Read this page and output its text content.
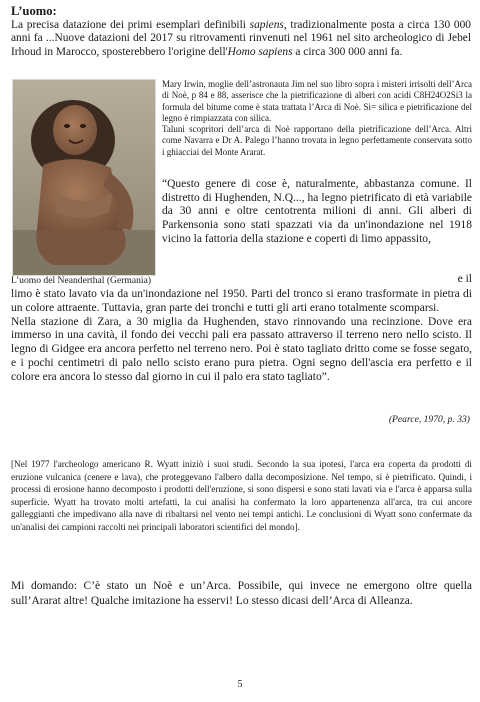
L’uomo:
La precisa datazione dei primi esemplari definibili sapiens, tradizionalmente posta a circa 130 000 anni fa ...Nuove datazioni del 2017 su ritrovamenti rinvenuti nel 1961 nel sito archeologico di Jebel Irhoud in Marocco, sposterebbero l'origine dell'Homo sapiens a circa 300 000 anni fa.
L’uomo del Neanderthal (Germania)

Mary Irwin, moglie dell’astronauta Jim nel suo libro sopra i misteri irrisolti dell’Arca di Noè, p 84 e 88, asserisce che la pietrificazione di alberi con acidi C8H24O2Si3 la formula del bitume come è stata trattata l’Arca di Noè. Si= silica e pietrificazione del legno è rimpiazzata con silica.

Taluni scopritori dell’arca di Noè rapportano della pietrificazione dell’Arca. Altri come Navarra e Dr A. Palego l’hanno trovata in legno perfettamente conservata sotto i ghiacciai del Monte Ararat.

“Questo genere di cose è, naturalmente, abbastanza comune. Il distretto di Hughenden, N.Q..., ha legno pietrificato di età variabile da 30 anni e oltre centotrenta milioni di anni. Gli alberi di Parkensonia sono stati spazzati via da un'inondazione nel 1918 vicino la fattoria della stazione e coperti di limo appassito,

e il

limo è stato lavato via da un'inondazione nel 1950. Parti del tronco si erano trasformate in pietra di un colore attraente. Tuttavia, gran parte dei tronchi e tutti gli arti erano totalmente scomparsi.

Nella stazione di Zara, a 30 miglia da Hughenden, stavo rinnovando una recinzione. Dove era immerso in una cavità, il fondo dei vecchi pali era passato attraverso il terreno nero nello scisto. Il legno di Gidgee era ancora perfetto nel terreno nero. Poi è stato tagliato dritto come se fosse segato, e i pochi centimetri di palo nello scisto erano pura pietra. Ogni segno dell'ascia era perfetto e il colore era ancora lo stesso dal giorno in cui il palo era stato tagliato”.

(Pearce, 1970, p. 33)

[Nel 1977 l'archeologo americano R. Wyatt iniziò i suoi studi. Secondo la sua ipotesi, l'arca era coperta da prodotti di eruzione vulcanica (cenere e lava), che proteggevano l'albero dalla decomposizione. Nel tempo, si è pietrificato. Quindi, i processi di erosione hanno decomposto i prodotti dell'eruzione, si sono dispersi e sono stati lavati via e l'arca è apparsa sulla superficie. Wyatt ha trovato molti artefatti, la cui analisi ha confermato la loro appartenenza all'arca, tra cui ancore galleggianti che impedivano alla nave di ribaltarsi nel vento nei tempi antichi. Le conclusioni di Wyatt sono confermate da un'analisi dei campioni raccolti nei principali laboratori scientifici del mondo].

Mi domando: C’è stato un Noè e un’Arca. Possibile, qui invece ne emergono oltre quella sull’Ararat altre! Qualche imitazione ha esservi! Lo stesso dicasi dell’Arca di Alleanza.

5
